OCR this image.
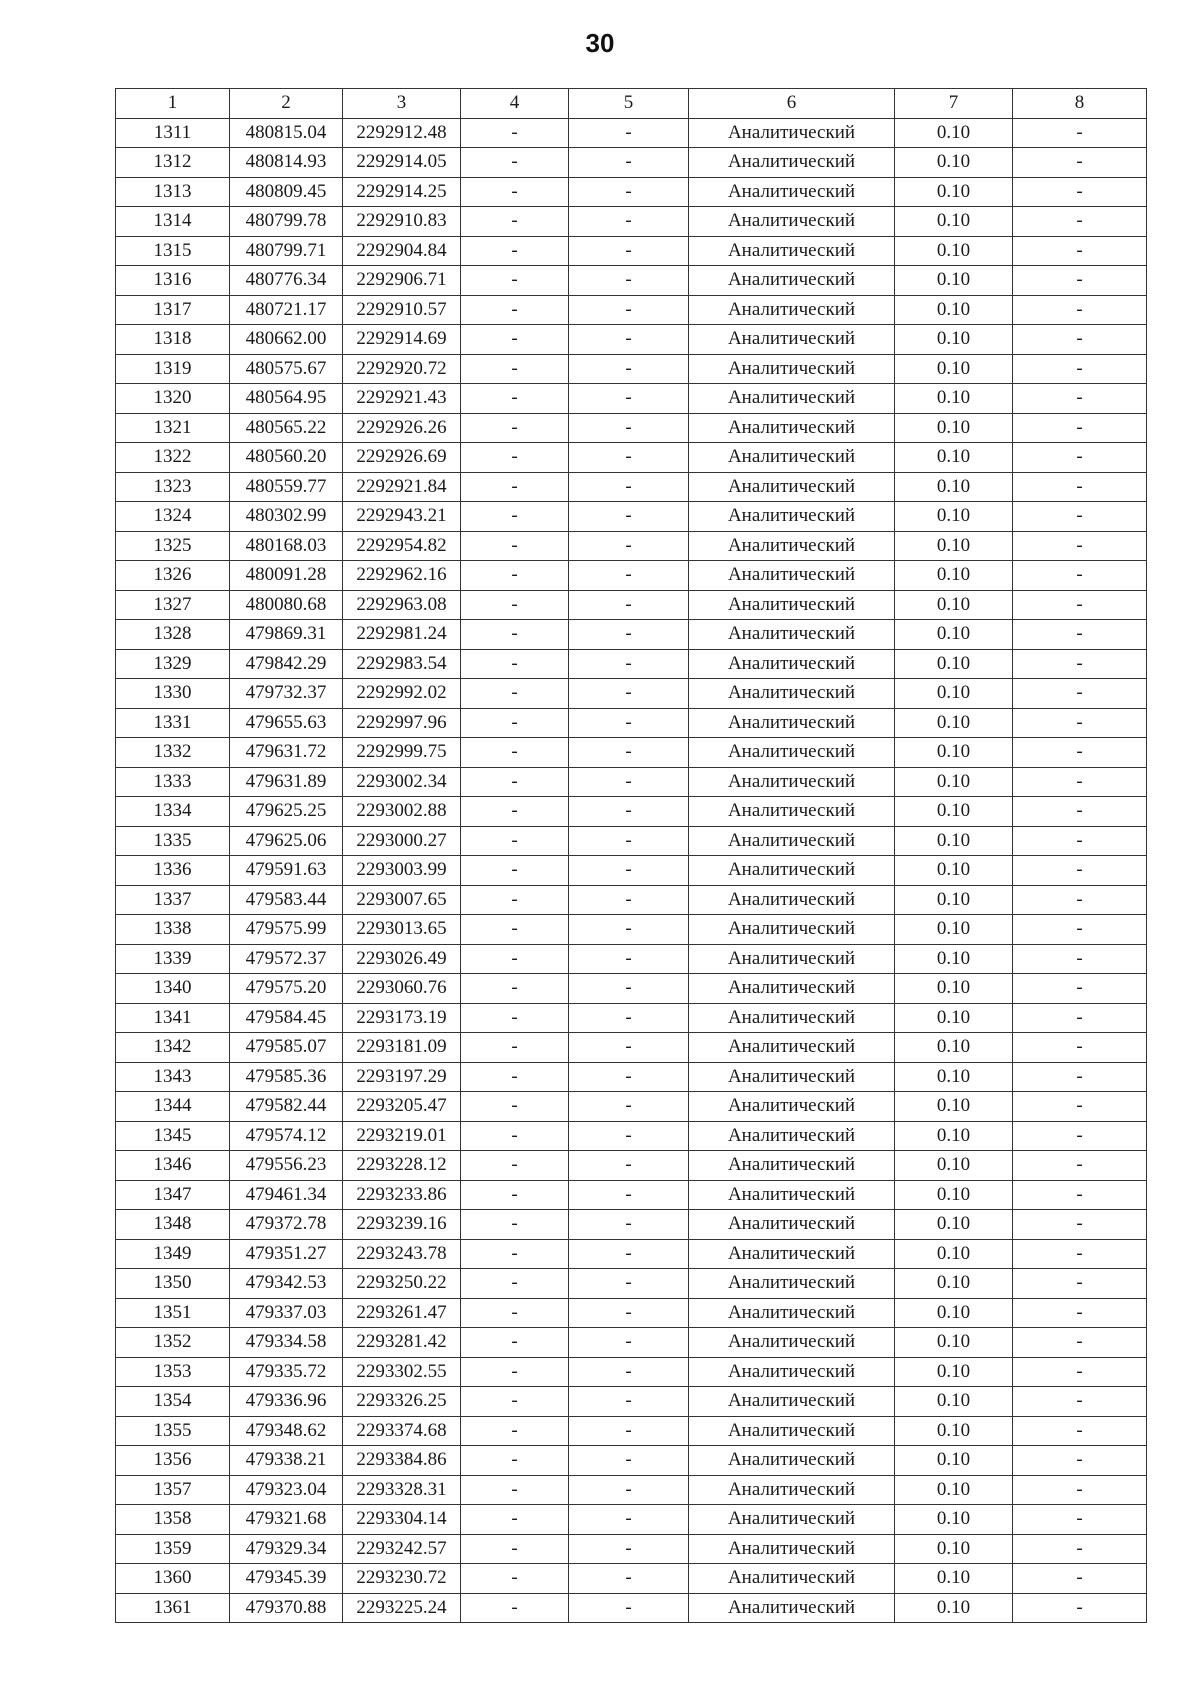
30
1	2	3	4	5	6	7	8
1311	480815.04	2292912.48	-	-	Аналитический	0.10	-
1312	480814.93	2292914.05	-	-	Аналитический	0.10	-
1313	480809.45	2292914.25	-	-	Аналитический	0.10	-
1314	480799.78	2292910.83	-	-	Аналитический	0.10	-
1315	480799.71	2292904.84	-	-	Аналитический	0.10	-
1316	480776.34	2292906.71	-	-	Аналитический	0.10	-
1317	480721.17	2292910.57	-	-	Аналитический	0.10	-
1318	480662.00	2292914.69	-	-	Аналитический	0.10	-
1319	480575.67	2292920.72	-	-	Аналитический	0.10	-
1320	480564.95	2292921.43	-	-	Аналитический	0.10	-
1321	480565.22	2292926.26	-	-	Аналитический	0.10	-
1322	480560.20	2292926.69	-	-	Аналитический	0.10	-
1323	480559.77	2292921.84	-	-	Аналитический	0.10	-
1324	480302.99	2292943.21	-	-	Аналитический	0.10	-
1325	480168.03	2292954.82	-	-	Аналитический	0.10	-
1326	480091.28	2292962.16	-	-	Аналитический	0.10	-
1327	480080.68	2292963.08	-	-	Аналитический	0.10	-
1328	479869.31	2292981.24	-	-	Аналитический	0.10	-
1329	479842.29	2292983.54	-	-	Аналитический	0.10	-
1330	479732.37	2292992.02	-	-	Аналитический	0.10	-
1331	479655.63	2292997.96	-	-	Аналитический	0.10	-
1332	479631.72	2292999.75	-	-	Аналитический	0.10	-
1333	479631.89	2293002.34	-	-	Аналитический	0.10	-
1334	479625.25	2293002.88	-	-	Аналитический	0.10	-
1335	479625.06	2293000.27	-	-	Аналитический	0.10	-
1336	479591.63	2293003.99	-	-	Аналитический	0.10	-
1337	479583.44	2293007.65	-	-	Аналитический	0.10	-
1338	479575.99	2293013.65	-	-	Аналитический	0.10	-
1339	479572.37	2293026.49	-	-	Аналитический	0.10	-
1340	479575.20	2293060.76	-	-	Аналитический	0.10	-
1341	479584.45	2293173.19	-	-	Аналитический	0.10	-
1342	479585.07	2293181.09	-	-	Аналитический	0.10	-
1343	479585.36	2293197.29	-	-	Аналитический	0.10	-
1344	479582.44	2293205.47	-	-	Аналитический	0.10	-
1345	479574.12	2293219.01	-	-	Аналитический	0.10	-
1346	479556.23	2293228.12	-	-	Аналитический	0.10	-
1347	479461.34	2293233.86	-	-	Аналитический	0.10	-
1348	479372.78	2293239.16	-	-	Аналитический	0.10	-
1349	479351.27	2293243.78	-	-	Аналитический	0.10	-
1350	479342.53	2293250.22	-	-	Аналитический	0.10	-
1351	479337.03	2293261.47	-	-	Аналитический	0.10	-
1352	479334.58	2293281.42	-	-	Аналитический	0.10	-
1353	479335.72	2293302.55	-	-	Аналитический	0.10	-
1354	479336.96	2293326.25	-	-	Аналитический	0.10	-
1355	479348.62	2293374.68	-	-	Аналитический	0.10	-
1356	479338.21	2293384.86	-	-	Аналитический	0.10	-
1357	479323.04	2293328.31	-	-	Аналитический	0.10	-
1358	479321.68	2293304.14	-	-	Аналитический	0.10	-
1359	479329.34	2293242.57	-	-	Аналитический	0.10	-
1360	479345.39	2293230.72	-	-	Аналитический	0.10	-
1361	479370.88	2293225.24	-	-	Аналитический	0.10	-
